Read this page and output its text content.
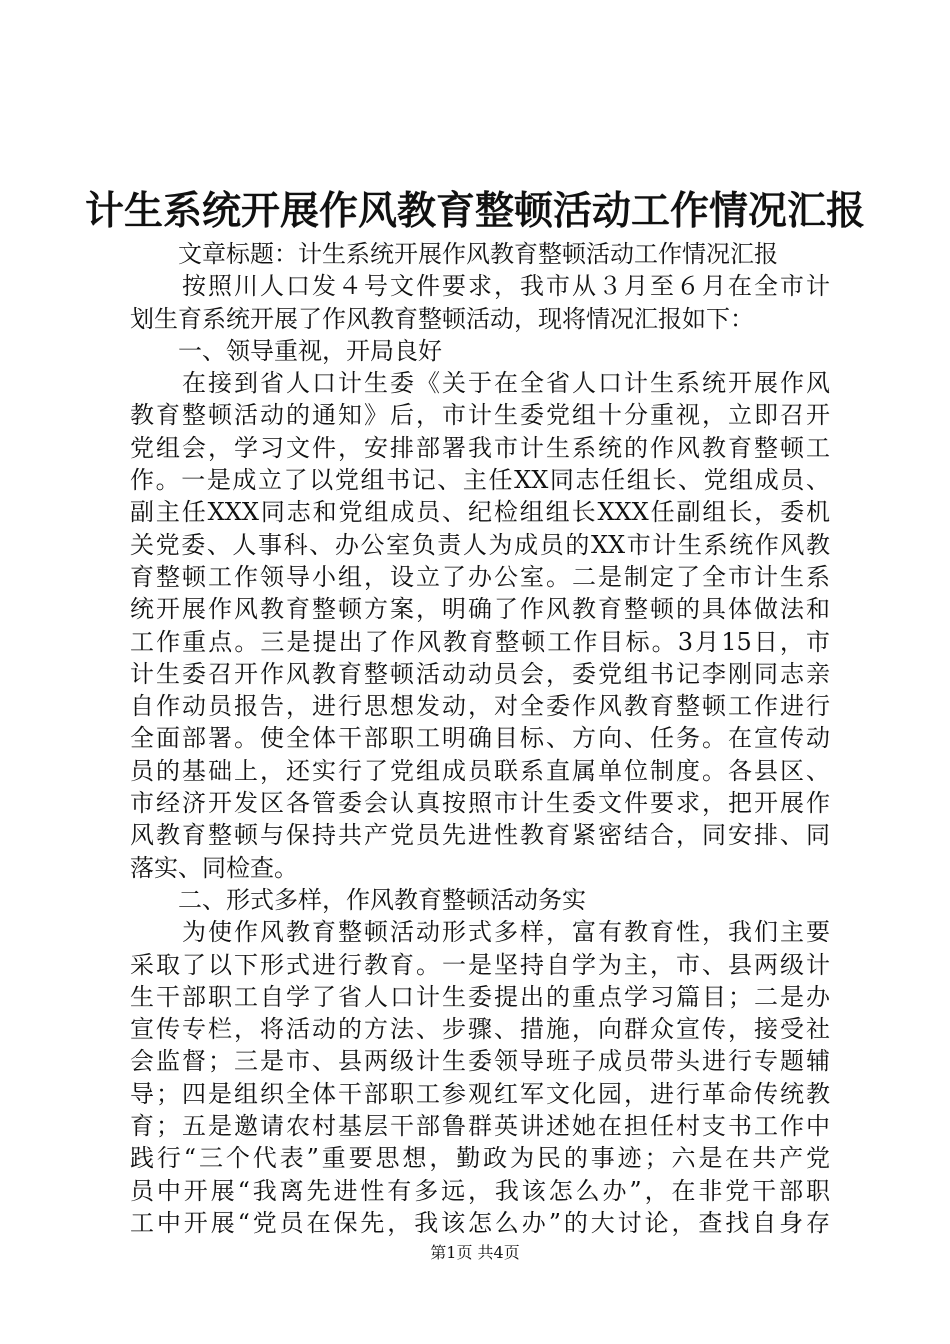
计生系统开展作风教育整顿活动工作情况汇报
　　文章标题：计生系统开展作风教育整顿活动工作情况汇报
　　按照川人口发４号文件要求，我市从３月至６月在全市计
划生育系统开展了作风教育整顿活动，现将情况汇报如下：
　　一、领导重视，开局良好
　　在接到省人口计生委《关于在全省人口计生系统开展作风
教育整顿活动的通知》后，市计生委党组十分重视，立即召开
党组会，学习文件，安排部署我市计生系统的作风教育整顿工
作。一是成立了以党组书记、主任XX同志任组长、党组成员、
副主任XXX同志和党组成员、纪检组组长XXX任副组长，委机
关党委、人事科、办公室负责人为成员的XX市计生系统作风教
育整顿工作领导小组，设立了办公室。二是制定了全市计生系
统开展作风教育整顿方案，明确了作风教育整顿的具体做法和
工作重点。三是提出了作风教育整顿工作目标。3月15日，市
计生委召开作风教育整顿活动动员会，委党组书记李刚同志亲
自作动员报告，进行思想发动，对全委作风教育整顿工作进行
全面部署。使全体干部职工明确目标、方向、任务。在宣传动
员的基础上，还实行了党组成员联系直属单位制度。各县区、
市经济开发区各管委会认真按照市计生委文件要求，把开展作
风教育整顿与保持共产党员先进性教育紧密结合，同安排、同
落实、同检查。
　　二、形式多样，作风教育整顿活动务实
　　为使作风教育整顿活动形式多样，富有教育性，我们主要
采取了以下形式进行教育。一是坚持自学为主，市、县两级计
生干部职工自学了省人口计生委提出的重点学习篇目；二是办
宣传专栏，将活动的方法、步骤、措施，向群众宣传，接受社
会监督；三是市、县两级计生委领导班子成员带头进行专题辅
导；四是组织全体干部职工参观红军文化园，进行革命传统教
育；五是邀请农村基层干部鲁群英讲述她在担任村支书工作中
践行“三个代表”重要思想，勤政为民的事迹；六是在共产党
员中开展“我离先进性有多远，我该怎么办”，在非党干部职
工中开展“党员在保先，我该怎么办”的大讨论，查找自身存
第1页 共4页
